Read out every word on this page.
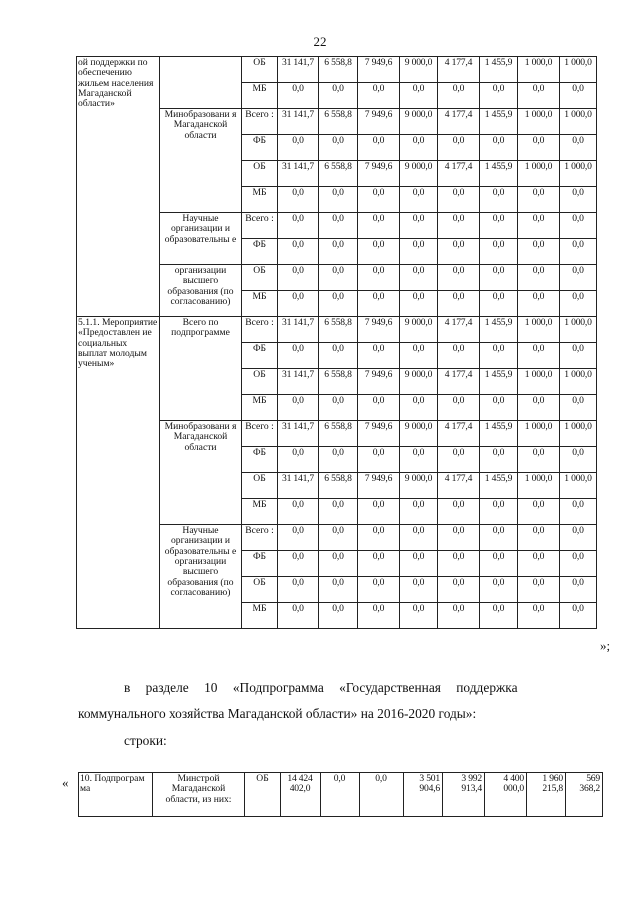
22
ой поддержки по обеспечению жильем населения Магаданской области»		ОБ	31 141,7	6 558,8	7 949,6	9 000,0	4 177,4	1 455,9	1 000,0	1 000,0
		МБ	0,0	0,0	0,0	0,0	0,0	0,0	0,0	0,0
	Минобразовани я Магаданской области	Всего :	31 141,7	6 558,8	7 949,6	9 000,0	4 177,4	1 455,9	1 000,0	1 000,0
		ФБ	0,0	0,0	0,0	0,0	0,0	0,0	0,0	0,0
		ОБ	31 141,7	6 558,8	7 949,6	9 000,0	4 177,4	1 455,9	1 000,0	1 000,0
		МБ	0,0	0,0	0,0	0,0	0,0	0,0	0,0	0,0
	Научные организации и образовательны е	Всего :	0,0	0,0	0,0	0,0	0,0	0,0	0,0	0,0
		ФБ	0,0	0,0	0,0	0,0	0,0	0,0	0,0	0,0
	организации высшего образования (по согласованию)	ОБ	0,0	0,0	0,0	0,0	0,0	0,0	0,0	0,0
		МБ	0,0	0,0	0,0	0,0	0,0	0,0	0,0	0,0
5.1.1. Мероприятие «Предоставлен ие социальных выплат молодым ученым»	Всего по подпрограмме	Всего :	31 141,7	6 558,8	7 949,6	9 000,0	4 177,4	1 455,9	1 000,0	1 000,0
		ФБ	0,0	0,0	0,0	0,0	0,0	0,0	0,0	0,0
		ОБ	31 141,7	6 558,8	7 949,6	9 000,0	4 177,4	1 455,9	1 000,0	1 000,0
		МБ	0,0	0,0	0,0	0,0	0,0	0,0	0,0	0,0
	Минобразовани я Магаданской области	Всего :	31 141,7	6 558,8	7 949,6	9 000,0	4 177,4	1 455,9	1 000,0	1 000,0
		ФБ	0,0	0,0	0,0	0,0	0,0	0,0	0,0	0,0
		ОБ	31 141,7	6 558,8	7 949,6	9 000,0	4 177,4	1 455,9	1 000,0	1 000,0
		МБ	0,0	0,0	0,0	0,0	0,0	0,0	0,0	0,0
	Научные организации и образовательны е организации высшего образования (по согласованию)	Всего :	0,0	0,0	0,0	0,0	0,0	0,0	0,0	0,0
		ФБ	0,0	0,0	0,0	0,0	0,0	0,0	0,0	0,0
		ОБ	0,0	0,0	0,0	0,0	0,0	0,0	0,0	0,0
		МБ	0,0	0,0	0,0	0,0	0,0	0,0	0,0	0,0
»;
в разделе 10 «Подпрограмма «Государственная поддержка
коммунального хозяйства Магаданской области» на 2016-2020 годы»:
строки:
« 10. Подпрограм ма	Минстрой Магаданской области, из них:	ОБ	14 424 402,0	0,0	0,0	3 501 904,6	3 992 913,4	4 400 000,0	1 960 215,8	569 368,2
